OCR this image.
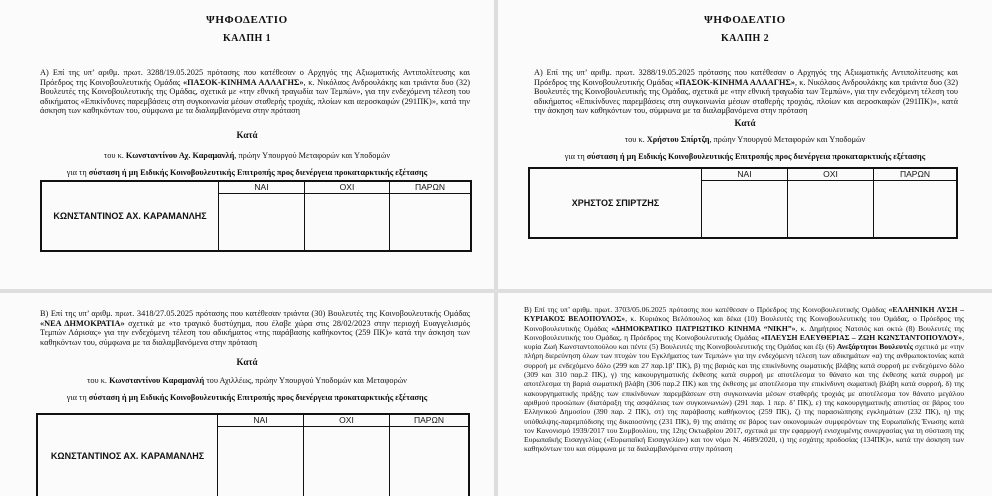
ΨΗΦΟΔΕΛΤΙΟ
ΚΑΛΠΗ 1

Α) Επί της υπ’ αριθμ. πρωτ. 3288/19.05.2025 πρότασης που κατέθεσαν ο Αρχηγός της Αξιωματικής Αντιπολίτευσης και Πρόεδρος της Κοινοβουλευτικής Ομάδας «ΠΑΣΟΚ-ΚΙΝΗΜΑ ΑΛΛΑΓΗΣ», κ. Νικόλαος Ανδρουλάκης και τριάντα δυο (32) Βουλευτές της Κοινοβουλευτικής της Ομάδας, σχετικά με «την εθνική τραγωδία των Τεμπών», για την ενδεχόμενη τέλεση του αδικήματος «Επικίνδυνες παρεμβάσεις στη συγκοινωνία μέσων σταθερής τροχιάς, πλοίων και αεροσκαφών (291ΠΚ)», κατά την άσκηση των καθηκόντων του, σύμφωνα με τα διαλαμβανόμενα στην πρόταση

Κατά
του κ. Κωνσταντίνου Αχ. Καραμανλή, πρώην Υπουργού Μεταφορών και Υποδομών
για τη σύσταση ή μη Ειδικής Κοινοβουλευτικής Επιτροπής προς διενέργεια προκαταρκτικής εξέτασης
ΝΑΙ	ΟΧΙ	ΠΑΡΩΝ
ΚΩΝΣΤΑΝΤΙΝΟΣ ΑΧ. ΚΑΡΑΜΑΝΛΗΣ
ΨΗΦΟΔΕΛΤΙΟ
ΚΑΛΠΗ 2

Α) Επί της υπ’ αριθμ. πρωτ. 3288/19.05.2025 πρότασης που κατέθεσαν ο Αρχηγός της Αξιωματικής Αντιπολίτευσης και Πρόεδρος της Κοινοβουλευτικής Ομάδας «ΠΑΣΟΚ-ΚΙΝΗΜΑ ΑΛΛΑΓΗΣ», κ. Νικόλαος Ανδρουλάκης και τριάντα δυο (32) Βουλευτές της Κοινοβουλευτικής της Ομάδας, σχετικά με «την εθνική τραγωδία των Τεμπών», για την ενδεχόμενη τέλεση του αδικήματος «Επικίνδυνες παρεμβάσεις στη συγκοινωνία μέσων σταθερής τροχιάς, πλοίων και αεροσκαφών (291ΠΚ)», κατά την άσκηση των καθηκόντων του, σύμφωνα με τα διαλαμβανόμενα στην πρόταση

Κατά
του κ. Χρήστου Σπίρτζη, πρώην Υπουργού Μεταφορών και Υποδομών
για τη σύσταση ή μη Ειδικής Κοινοβουλευτικής Επιτροπής προς διενέργεια προκαταρκτικής εξέτασης
ΝΑΙ	ΟΧΙ	ΠΑΡΩΝ
ΧΡΗΣΤΟΣ ΣΠΙΡΤΖΗΣ

Β) Επί της υπ’ αριθμ. πρωτ. 3418/27.05.2025 πρότασης που κατέθεσαν τριάντα (30) Βουλευτές της Κοινοβουλευτικής Ομάδας «ΝΕΑ ΔΗΜΟΚΡΑΤΙΑ» σχετικά με «το τραγικό δυστύχημα, που έλαβε χώρα στις 28/02/2023 στην περιοχή Ευαγγελισμός Τεμπών Λάρισας» για την ενδεχόμενη τέλεση του αδικήματος «της παράβασης καθήκοντος (259 ΠΚ)» κατά την άσκηση των καθηκόντων του, σύμφωνα με τα διαλαμβανόμενα στην πρόταση

Κατά
του κ. Κωνσταντίνου Καραμανλή του Αχιλλέως, πρώην Υπουργού Υποδομών και Μεταφορών
για τη σύσταση ή μη Ειδικής Κοινοβουλευτικής Επιτροπής προς διενέργεια προκαταρκτικής εξέτασης
ΝΑΙ	ΟΧΙ	ΠΑΡΩΝ
ΚΩΝΣΤΑΝΤΙΝΟΣ ΑΧ. ΚΑΡΑΜΑΝΛΗΣ

Β) Επί της υπ’ αριθμ. πρωτ. 3703/05.06.2025 πρότασης που κατέθεσαν ο Πρόεδρος της Κοινοβουλευτικής Ομάδας «ΕΛΛΗΝΙΚΗ ΛΥΣΗ – ΚΥΡΙΑΚΟΣ ΒΕΛΟΠΟΥΛΟΣ», κ. Κυριάκος Βελόπουλος και δέκα (10) Βουλευτές της Κοινοβουλευτικής του Ομάδας, ο Πρόεδρος της Κοινοβουλευτικής Ομάδας «ΔΗΜΟΚΡΑΤΙΚΟ ΠΑΤΡΙΩΤΙΚΟ ΚΙΝΗΜΑ “ΝΙΚΗ”», κ. Δημήτριος Νατσιός και οκτώ (8) Βουλευτές της Κοινοβουλευτικής του Ομάδας, η Πρόεδρος της Κοινοβουλευτικής Ομάδας «ΠΛΕΥΣΗ ΕΛΕΥΘΕΡΙΑΣ – ΖΩΗ ΚΩΝΣΤΑΝΤΟΠΟΥΛΟΥ», κυρία Ζωή Κωνσταντοπούλου και πέντε (5) Βουλευτές της Κοινοβουλευτικής της Ομάδας και έξι (6) Ανεξάρτητοι Βουλευτές σχετικά με «την πλήρη διερεύνηση όλων των πτυχών του Εγκλήματος των Τεμπών» για την ενδεχόμενη τέλεση των αδικημάτων «α) της ανθρωποκτονίας κατά συρροή με ενδεχόμενο δόλο (299 και 27 παρ.1β’ ΠΚ), β) της βαριάς και της επικίνδυνης σωματικής βλάβης κατά συρροή με ενδεχόμενο δόλο (309 και 310 παρ.2 ΠΚ), γ) της κακουργηματικής έκθεσης κατά συρροή με αποτέλεσμα το θάνατο και της έκθεσης κατά συρροή με αποτέλεσμα τη βαριά σωματική βλάβη (306 παρ.2 ΠΚ) και της έκθεσης με αποτέλεσμα την επικίνδυνη σωματική βλάβη κατά συρροή, δ) της κακουργηματικής πράξης των επικίνδυνων παρεμβάσεων στη συγκοινωνία μέσων σταθερής τροχιάς με αποτέλεσμα τον θάνατο μεγάλου αριθμού προσώπων (διατάραξη της ασφάλειας των συγκοινωνιών) (291 παρ. 1 περ. δ’ ΠΚ), ε) της κακουργηματικής απιστίας σε βάρος του Ελληνικού Δημοσίου (390 παρ. 2 ΠΚ), στ) της παράβασης καθήκοντος (259 ΠΚ), ζ) της παρασιώπησης εγκλημάτων (232 ΠΚ), η) της υπόθαλψης-παρεμπόδισης της δικαιοσύνης (231 ΠΚ), θ) της απάτης σε βάρος των οικονομικών συμφερόντων της Ευρωπαϊκής Ένωσης κατά τον Κανονισμό 1939/2017 του Συμβουλίου, της 12ης Οκτωβρίου 2017, σχετικά με την εφαρμογή ενισχυμένης συνεργασίας για τη σύσταση της Ευρωπαϊκής Εισαγγελίας («Ευρωπαϊκή Εισαγγελία») και τον νόμο Ν. 4689/2020, ι) της εσχάτης προδοσίας (134ΠΚ)», κατά την άσκηση των καθηκόντων του και σύμφωνα με τα διαλαμβανόμενα στην πρόταση
